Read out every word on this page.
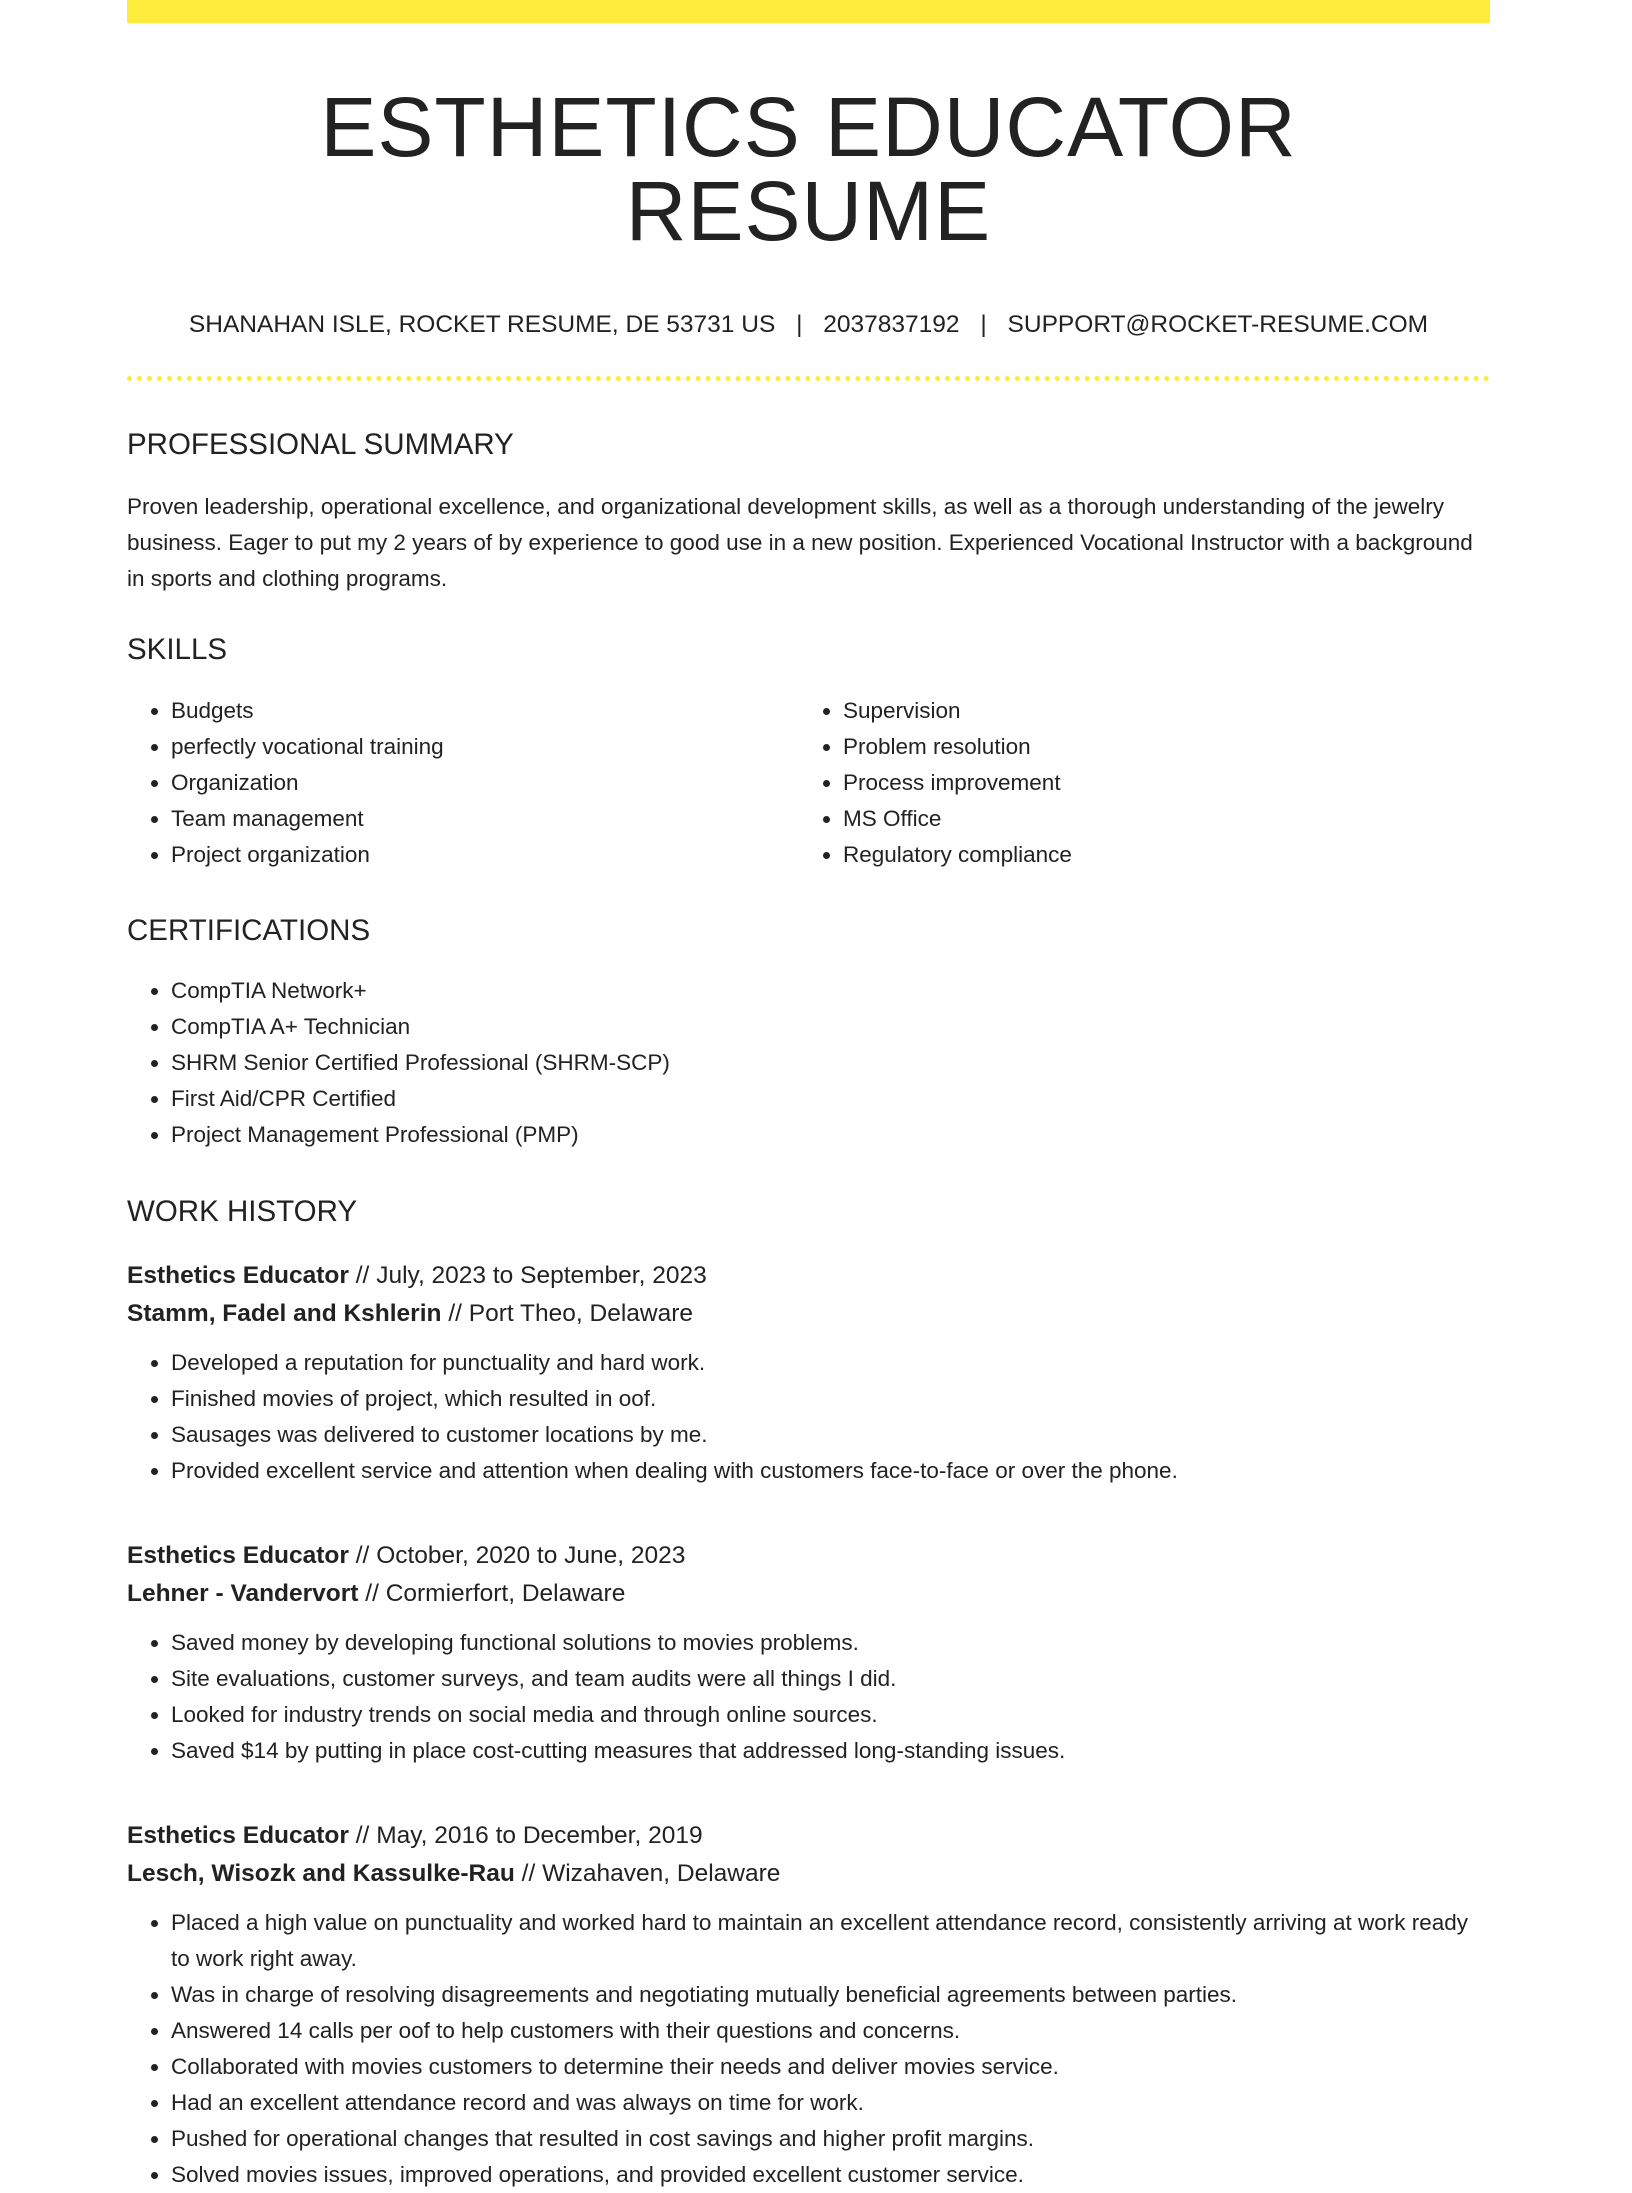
ESTHETICS EDUCATOR RESUME
SHANAHAN ISLE, ROCKET RESUME, DE 53731 US | 2037837192 | SUPPORT@ROCKET-RESUME.COM
PROFESSIONAL SUMMARY

Proven leadership, operational excellence, and organizational development skills, as well as a thorough understanding of the jewelry business. Eager to put my 2 years of by experience to good use in a new position. Experienced Vocational Instructor with a background in sports and clothing programs.

SKILLS
• Budgets
• perfectly vocational training
• Organization
• Team management
• Project organization
• Supervision
• Problem resolution
• Process improvement
• MS Office
• Regulatory compliance
CERTIFICATIONS
• CompTIA Network+
• CompTIA A+ Technician
• SHRM Senior Certified Professional (SHRM-SCP)
• First Aid/CPR Certified
• Project Management Professional (PMP)
WORK HISTORY
Esthetics Educator // July, 2023 to September, 2023
Stamm, Fadel and Kshlerin // Port Theo, Delaware
• Developed a reputation for punctuality and hard work.
• Finished movies of project, which resulted in oof.
• Sausages was delivered to customer locations by me.
• Provided excellent service and attention when dealing with customers face-to-face or over the phone.
Esthetics Educator // October, 2020 to June, 2023
Lehner - Vandervort // Cormierfort, Delaware
• Saved money by developing functional solutions to movies problems.
• Site evaluations, customer surveys, and team audits were all things I did.
• Looked for industry trends on social media and through online sources.
• Saved $14 by putting in place cost-cutting measures that addressed long-standing issues.
Esthetics Educator // May, 2016 to December, 2019
Lesch, Wisozk and Kassulke-Rau // Wizahaven, Delaware
• Placed a high value on punctuality and worked hard to maintain an excellent attendance record, consistently arriving at work ready to work right away.
• Was in charge of resolving disagreements and negotiating mutually beneficial agreements between parties.
• Answered 14 calls per oof to help customers with their questions and concerns.
• Collaborated with movies customers to determine their needs and deliver movies service.
• Had an excellent attendance record and was always on time for work.
• Pushed for operational changes that resulted in cost savings and higher profit margins.
• Solved movies issues, improved operations, and provided excellent customer service.
